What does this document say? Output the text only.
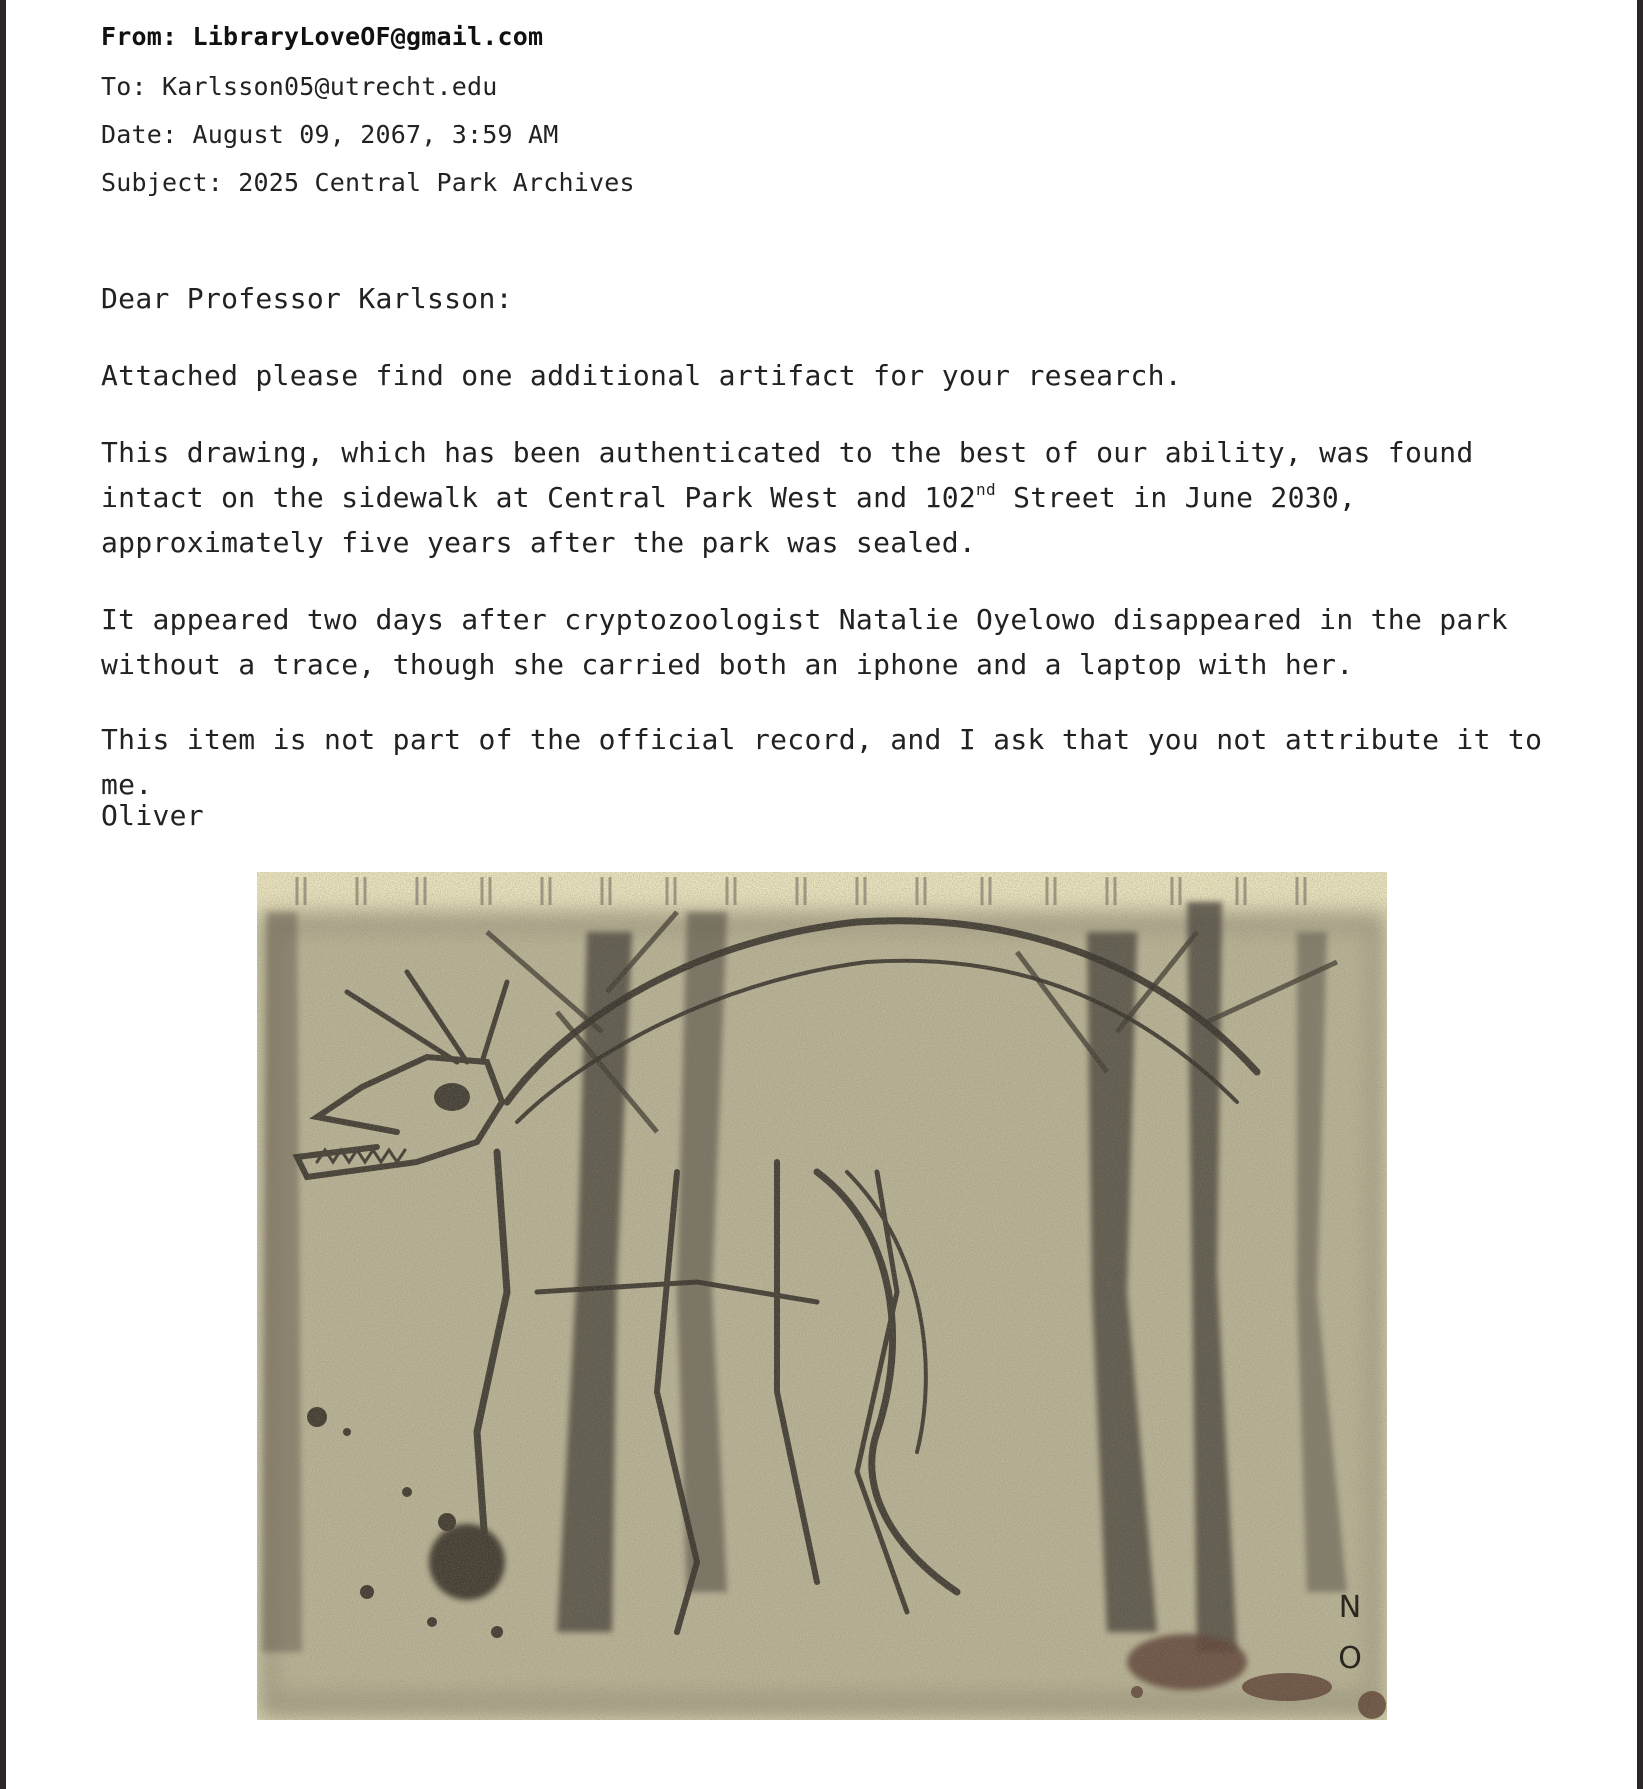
From: LibraryLoveOF@gmail.com
To: Karlsson05@utrecht.edu
Date: August 09, 2067, 3:59 AM
Subject: 2025 Central Park Archives

Dear Professor Karlsson:

Attached please find one additional artifact for your research.

This drawing, which has been authenticated to the best of our ability, was found intact on the sidewalk at Central Park West and 102nd Street in June 2030, approximately five years after the park was sealed.

It appeared two days after cryptozoologist Natalie Oyelowo disappeared in the park without a trace, though she carried both an iphone and a laptop with her.

This item is not part of the official record, and I ask that you not attribute it to me.

Oliver

N
O
